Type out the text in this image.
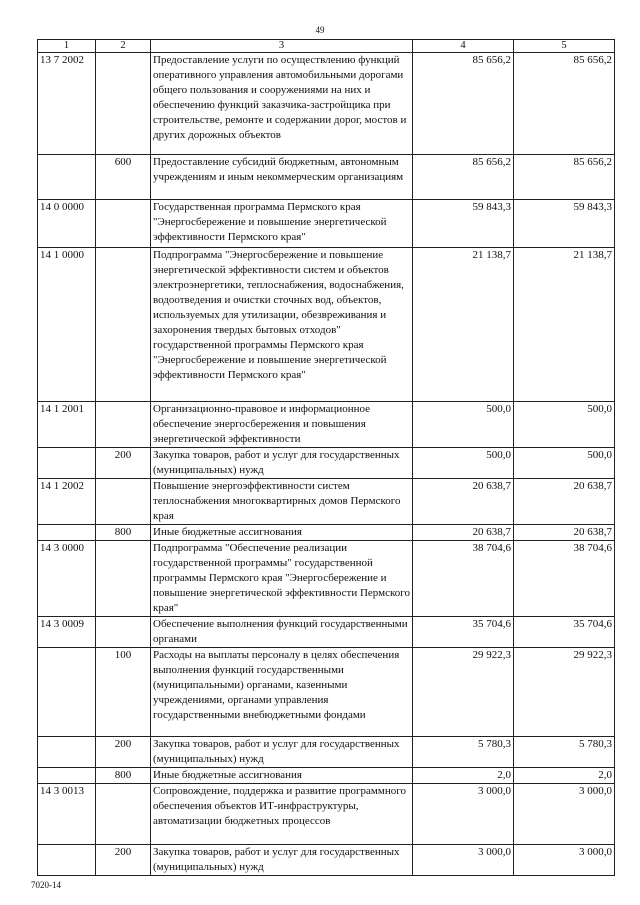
49
1	2	3	4	5
13 7 2002		Предоставление услуги по осуществлению функций оперативного управления автомобильными дорогами общего пользования и сооружениями на них и обеспечению функций заказчика-застройщика при строительстве, ремонте и содержании дорог, мостов и других дорожных объектов	85 656,2	85 656,2
	600	Предоставление субсидий бюджетным, автономным учреждениям и иным некоммерческим организациям	85 656,2	85 656,2
14 0 0000		Государственная программа Пермского края "Энергосбережение и повышение энергетической эффективности Пермского края"	59 843,3	59 843,3
14 1 0000		Подпрограмма "Энергосбережение и повышение энергетической эффективности систем и объектов электроэнергетики, теплоснабжения, водоснабжения, водоотведения и очистки сточных вод, объектов, используемых для утилизации, обезвреживания и захоронения твердых бытовых отходов" государственной программы Пермского края "Энергосбережение и повышение энергетической эффективности Пермского края"	21 138,7	21 138,7
14 1 2001		Организационно-правовое и информационное обеспечение энергосбережения и повышения энергетической эффективности	500,0	500,0
	200	Закупка товаров, работ и услуг для государственных (муниципальных) нужд	500,0	500,0
14 1 2002		Повышение энергоэффективности систем теплоснабжения многоквартирных домов Пермского края	20 638,7	20 638,7
	800	Иные бюджетные ассигнования	20 638,7	20 638,7
14 3 0000		Подпрограмма "Обеспечение реализации государственной программы" государственной программы Пермского края "Энергосбережение и повышение энергетической эффективности Пермского края"	38 704,6	38 704,6
14 3 0009		Обеспечение выполнения функций государственными органами	35 704,6	35 704,6
	100	Расходы на выплаты персоналу в целях обеспечения выполнения функций государственными (муниципальными) органами, казенными учреждениями, органами управления государственными внебюджетными фондами	29 922,3	29 922,3
	200	Закупка товаров, работ и услуг для государственных (муниципальных) нужд	5 780,3	5 780,3
	800	Иные бюджетные ассигнования	2,0	2,0
14 3 0013		Сопровождение, поддержка и развитие программного обеспечения объектов ИТ-инфраструктуры, автоматизации бюджетных процессов	3 000,0	3 000,0
	200	Закупка товаров, работ и услуг для государственных (муниципальных) нужд	3 000,0	3 000,0
7020-14
